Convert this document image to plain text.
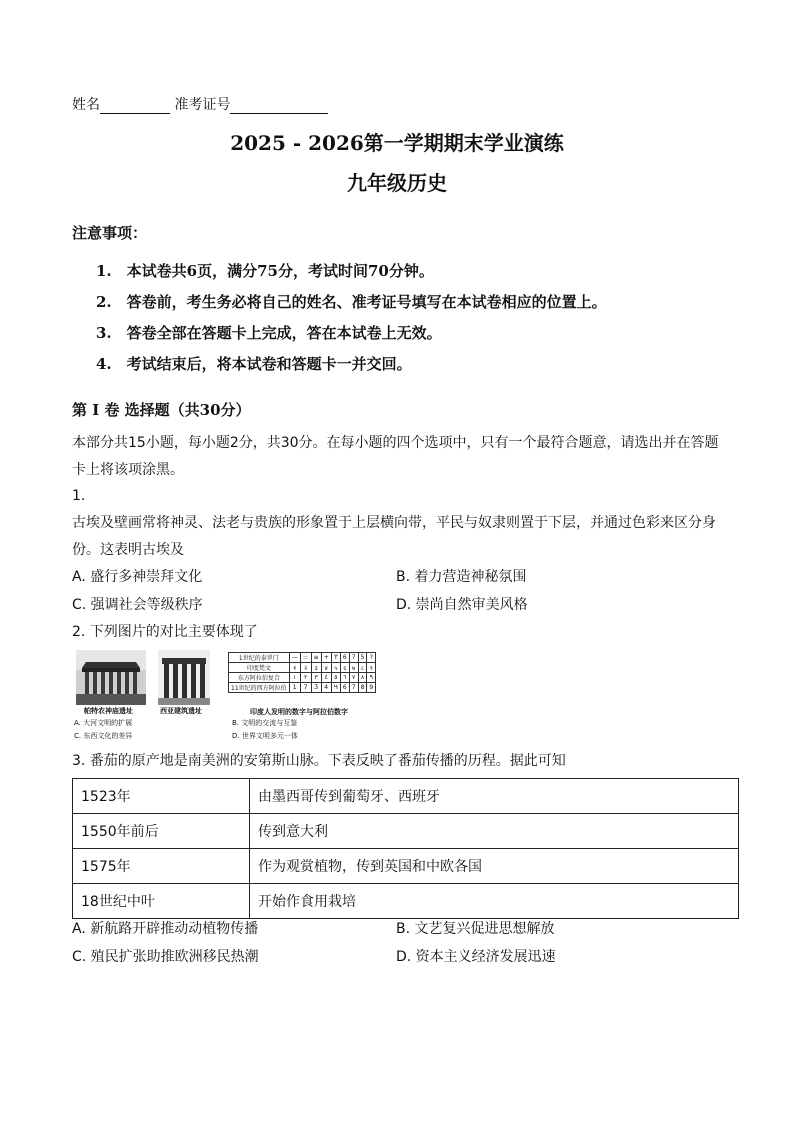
姓名	准考证号
2025 - 2026第一学期期末学业演练
九年级历史
注意事项：
1.　本试卷共6页，满分75分，考试时间70分钟。
2.　答卷前，考生务必将自己的姓名、准考证号填写在本试卷相应的位置上。
3.　答卷全部在答题卡上完成，答在本试卷上无效。
4.　考试结束后，将本试卷和答题卡一并交回。
第 I 卷 选择题（共30分）
本部分共15小题，每小题2分，共30分。在每小题的四个选项中，只有一个最符合题意，请选出并在答题
卡上将该项涂黑。
1.
古埃及壁画常将神灵、法老与贵族的形象置于上层横向带，平民与奴隶则置于下层，并通过色彩来区分身
份。这表明古埃及
A. 盛行多神崇拜文化	B. 着力营造神秘氛围
C. 强调社会等级秩序	D. 崇尚自然审美风格
2. 下列图片的对比主要体现了
帕特农神庙遗址	西亚建筑遗址
1世纪的泰罗门	—	＝	≡	+	ϒ	6	7	5	?
印度梵文	१	२	३	४	५	६	७	८	९
东方阿拉伯复合	١	٢	٣	٤	٥	٦	٧	٨	٩
11世纪的西方阿拉伯	1	7	Ʒ	4	Ч	6	7	8	9
印度人发明的数字与阿拉伯数字
A. 大河文明的扩展	B. 文明的交流与互鉴
C. 东西文化的差异	D. 世界文明多元一体
3. 番茄的原产地是南美洲的安第斯山脉。下表反映了番茄传播的历程。据此可知
1523年	由墨西哥传到葡萄牙、西班牙
1550年前后	传到意大利
1575年	作为观赏植物，传到英国和中欧各国
18世纪中叶	开始作食用栽培
A. 新航路开辟推动动植物传播	B. 文艺复兴促进思想解放
C. 殖民扩张助推欧洲移民热潮	D. 资本主义经济发展迅速
